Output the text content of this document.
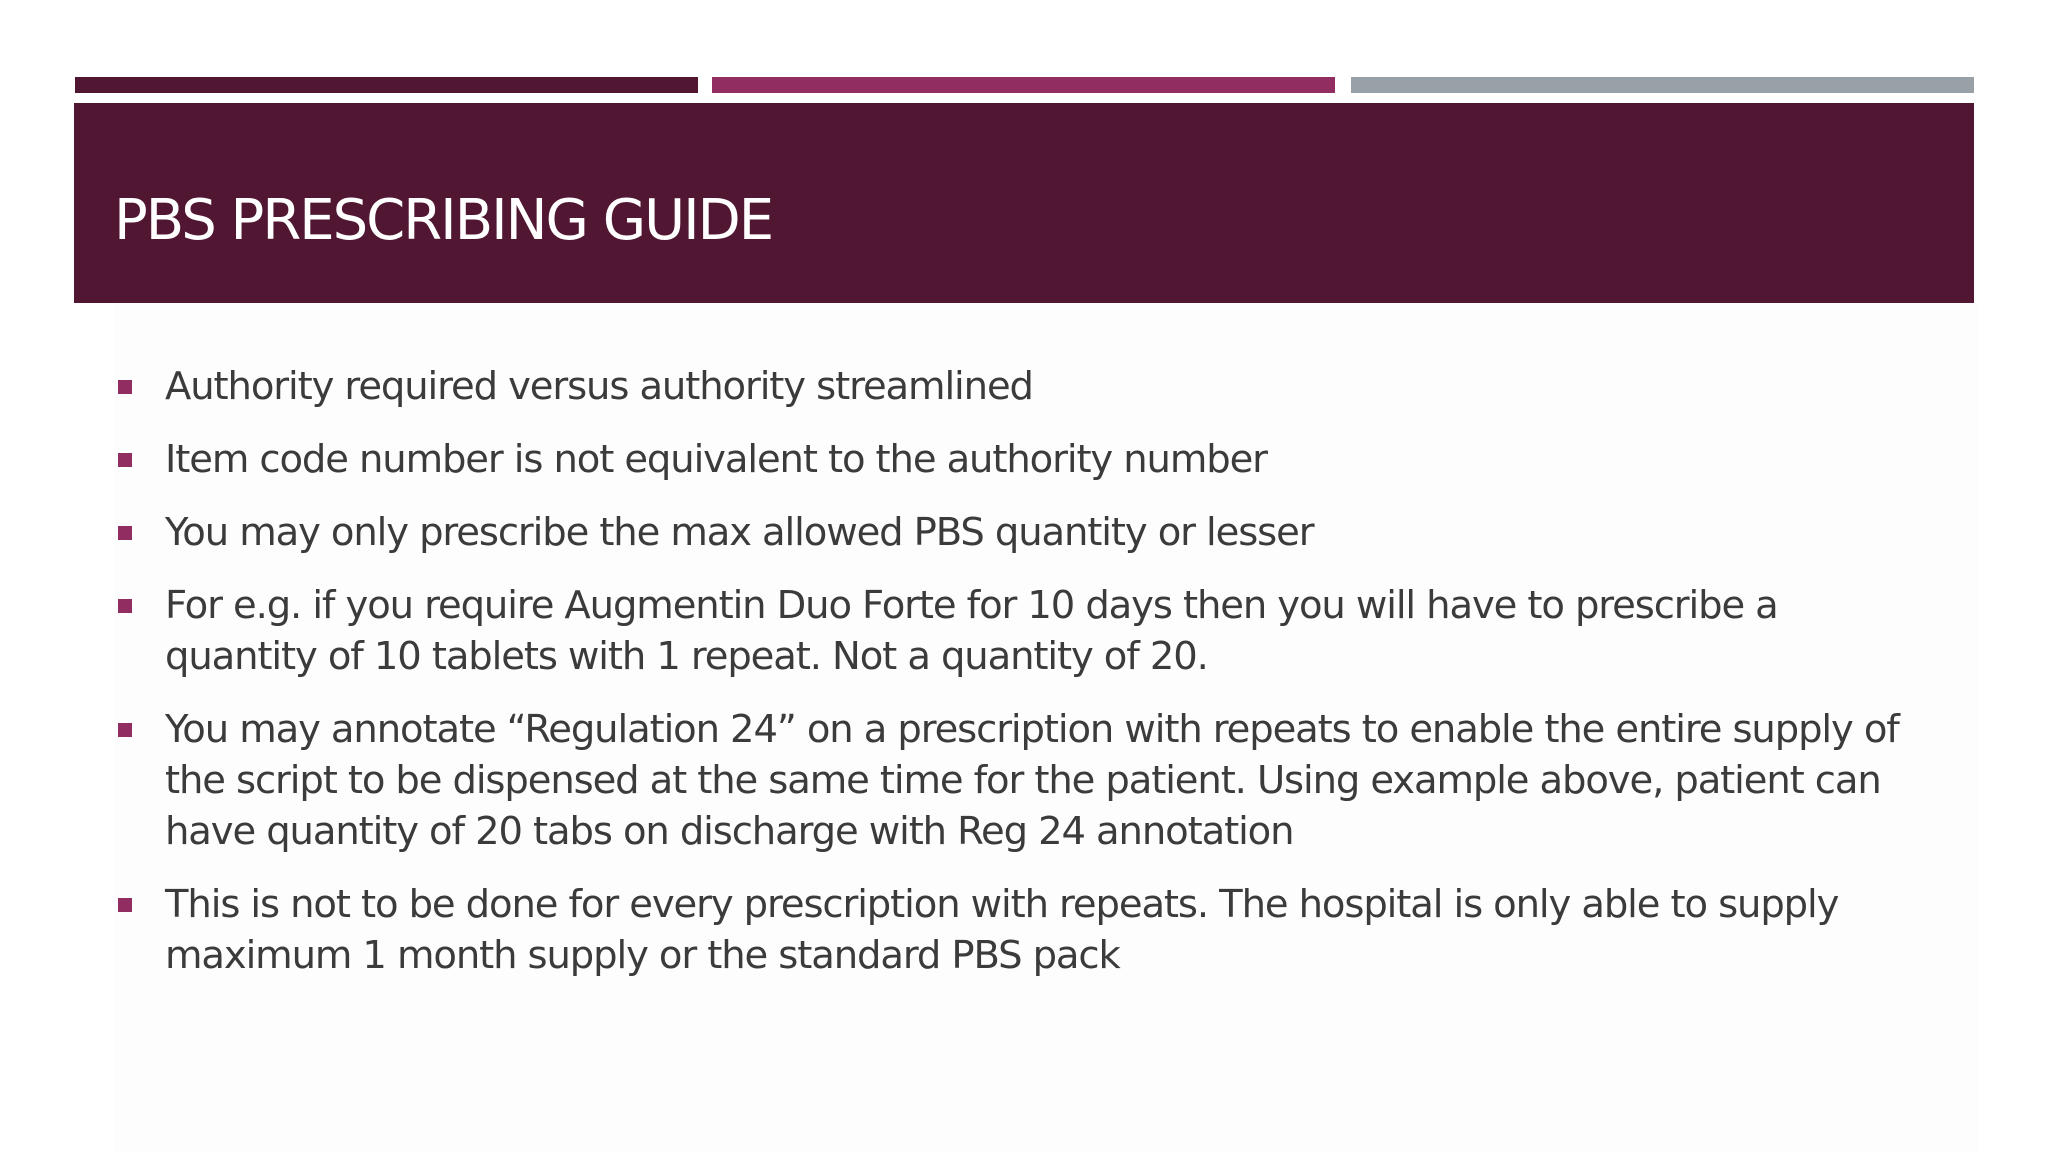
PBS PRESCRIBING GUIDE
Authority required versus authority streamlined
Item code number is not equivalent to the authority number
You may only prescribe the max allowed PBS quantity or lesser
For e.g. if you require Augmentin Duo Forte for 10 days then you will have to prescribe a quantity of 10 tablets with 1 repeat. Not a quantity of 20.
You may annotate “Regulation 24” on a prescription with repeats to enable the entire supply of the script to be dispensed at the same time for the patient. Using example above, patient can have quantity of 20 tabs on discharge with Reg 24 annotation
This is not to be done for every prescription with repeats. The hospital is only able to supply maximum 1 month supply or the standard PBS pack
